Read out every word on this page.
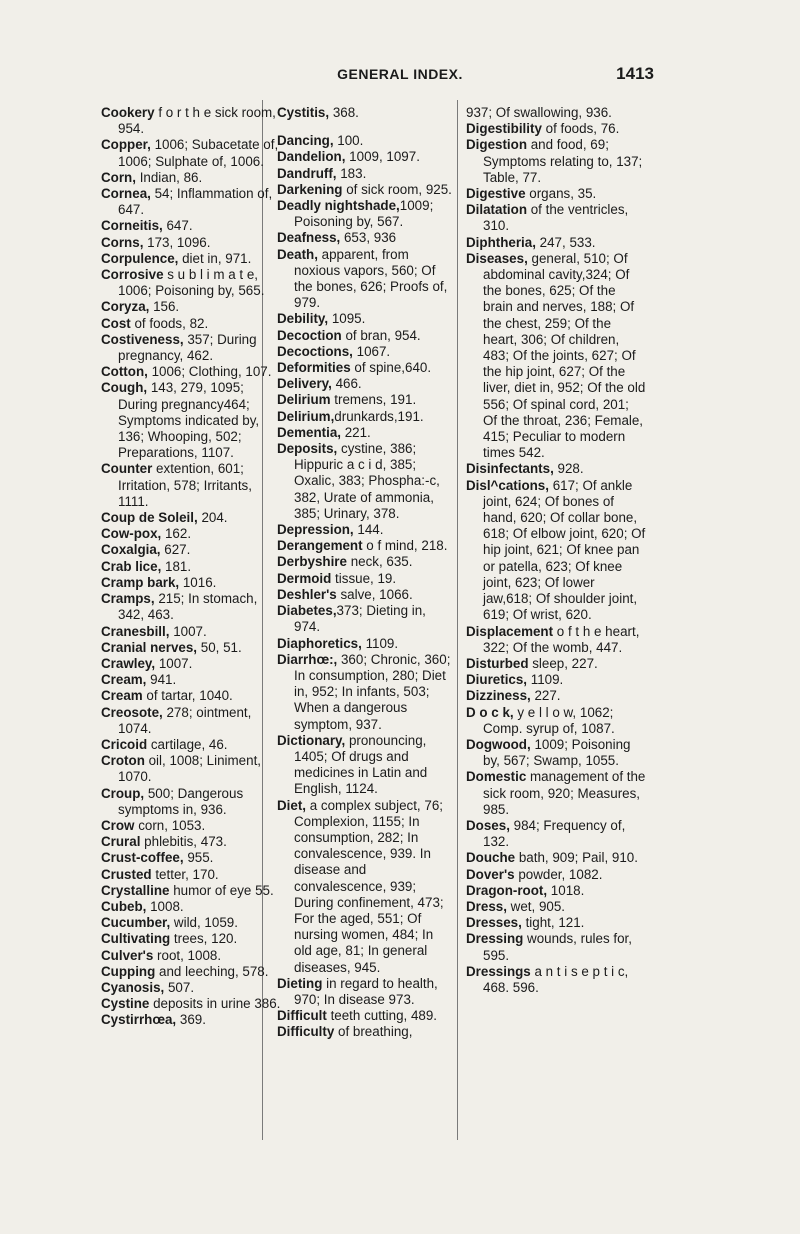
GENERAL INDEX.	1413

Cookery f o r t h e sick room, 954.

Copper, 1006; Subacetate of, 1006; Sulphate of, 1006.

Corn, Indian, 86.

Cornea, 54; Inflammation of, 647.

Corneitis, 647.

Corns, 173, 1096.

Corpulence, diet in, 971.

Corrosive s u b l i m a t e, 1006; Poisoning by, 565.

Coryza, 156.

Cost of foods, 82.

Costiveness, 357; During pregnancy, 462.

Cotton, 1006; Clothing, 107.

Cough, 143, 279, 1095; During pregnancy464; Symptoms indicated by, 136; Whooping, 502; Preparations, 1107.

Counter extention, 601; Irritation, 578; Irritants, 1111.

Coup de Soleil, 204.

Cow-pox, 162.

Coxalgia, 627.

Crab lice, 181.

Cramp bark, 1016.

Cramps, 215; In stomach, 342, 463.

Cranesbill, 1007.

Cranial nerves, 50, 51.

Crawley, 1007.

Cream, 941.

Cream of tartar, 1040.

Creosote, 278; ointment, 1074.

Cricoid cartilage, 46.

Croton oil, 1008; Liniment, 1070.

Croup, 500; Dangerous symptoms in, 936.

Crow corn, 1053.

Crural phlebitis, 473.

Crust-coffee, 955.

Crusted tetter, 170.

Crystalline humor of eye 55.

Cubeb, 1008.

Cucumber, wild, 1059.

Cultivating trees, 120.

Culver's root, 1008.

Cupping and leeching, 578.

Cyanosis, 507.

Cystine deposits in urine 386.

Cystirrhœa, 369.

Cystitis, 368.

Dancing, 100.

Dandelion, 1009, 1097.

Dandruff, 183.

Darkening of sick room, 925.

Deadly nightshade,1009; Poisoning by, 567.

Deafness, 653, 936

Death, apparent, from noxious vapors, 560; Of the bones, 626; Proofs of, 979.

Debility, 1095.

Decoction of bran, 954.

Decoctions, 1067.

Deformities of spine,640.

Delivery, 466.

Delirium tremens, 191.

Delirium,drunkards,191.

Dementia, 221.

Deposits, cystine, 386; Hippuric a c i d, 385; Oxalic, 383; Phospha:-c, 382, Urate of ammonia, 385; Urinary, 378.

Depression, 144.

Derangement o f mind, 218.

Derbyshire neck, 635.

Dermoid tissue, 19.

Deshler's salve, 1066.

Diabetes,373; Dieting in, 974.

Diaphoretics, 1109.

Diarrhœ:, 360; Chronic, 360; In consumption, 280; Diet in, 952; In infants, 503; When a dangerous symptom, 937.

Dictionary, pronouncing, 1405; Of drugs and medicines in Latin and English, 1124.

Diet, a complex subject, 76; Complexion, 1155; In consumption, 282; In convalescence, 939. In disease and convalescence, 939; During confinement, 473; For the aged, 551; Of nursing women, 484; In old age, 81; In general diseases, 945.

Dieting in regard to health, 970; In disease 973.

Difficult teeth cutting, 489.

Difficulty of breathing,

937; Of swallowing, 936.

Digestibility of foods, 76.

Digestion and food, 69; Symptoms relating to, 137; Table, 77.

Digestive organs, 35.

Dilatation of the ventricles, 310.

Diphtheria, 247, 533.

Diseases, general, 510; Of abdominal cavity,324; Of the bones, 625; Of the brain and nerves, 188; Of the chest, 259; Of the heart, 306; Of children, 483; Of the joints, 627; Of the hip joint, 627; Of the liver, diet in, 952; Of the old 556; Of spinal cord, 201; Of the throat, 236; Female, 415; Peculiar to modern times 542.

Disinfectants, 928.

Disl^cations, 617; Of ankle joint, 624; Of bones of hand, 620; Of collar bone, 618; Of elbow joint, 620; Of hip joint, 621; Of knee pan or patella, 623; Of knee joint, 623; Of lower jaw,618; Of shoulder joint, 619; Of wrist, 620.

Displacement o f t h e heart, 322; Of the womb, 447.

Disturbed sleep, 227.

Diuretics, 1109.

Dizziness, 227.

D o c k, y e l l o w, 1062; Comp. syrup of, 1087.

Dogwood, 1009; Poisoning by, 567; Swamp, 1055.

Domestic management of the sick room, 920; Measures, 985.

Doses, 984; Frequency of, 132.

Douche bath, 909; Pail, 910.

Dover's powder, 1082.

Dragon-root, 1018.

Dress, wet, 905.

Dresses, tight, 121.

Dressing wounds, rules for, 595.

Dressings a n t i s e p t i c, 468. 596.
